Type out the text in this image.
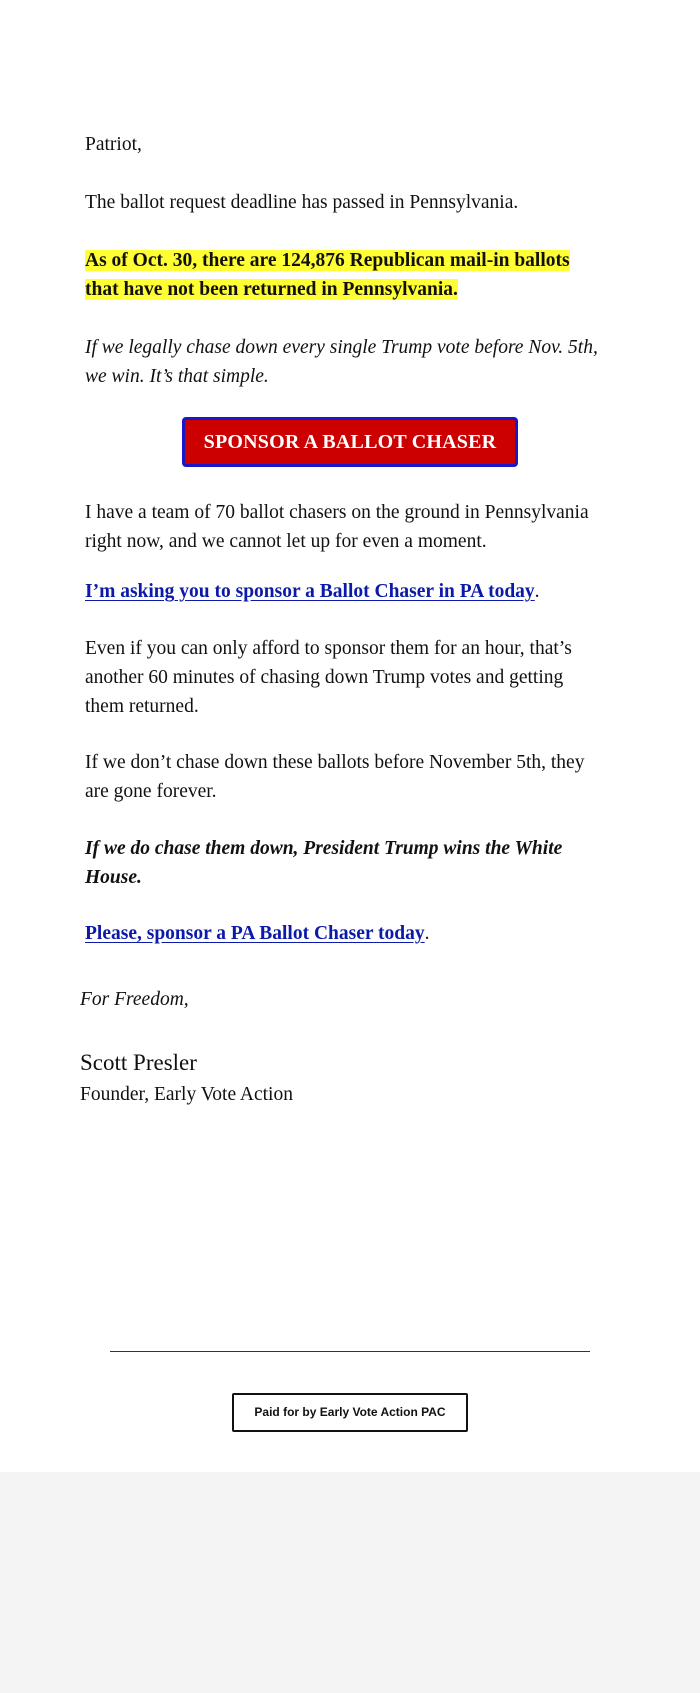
Patriot,

The ballot request deadline has passed in Pennsylvania.

As of Oct. 30, there are 124,876 Republican mail-in ballots
that have not been returned in Pennsylvania.

If we legally chase down every single Trump vote before Nov. 5th,
we win. It’s that simple.

SPONSOR A BALLOT CHASER

I have a team of 70 ballot chasers on the ground in Pennsylvania
right now, and we cannot let up for even a moment.

I’m asking you to sponsor a Ballot Chaser in PA today.

Even if you can only afford to sponsor them for an hour, that’s
another 60 minutes of chasing down Trump votes and getting
them returned.

If we don’t chase down these ballots before November 5th, they
are gone forever.

If we do chase them down, President Trump wins the White
House.

Please, sponsor a PA Ballot Chaser today.

For Freedom,
Scott Presler
Founder, Early Vote Action
Paid for by Early Vote Action PAC
